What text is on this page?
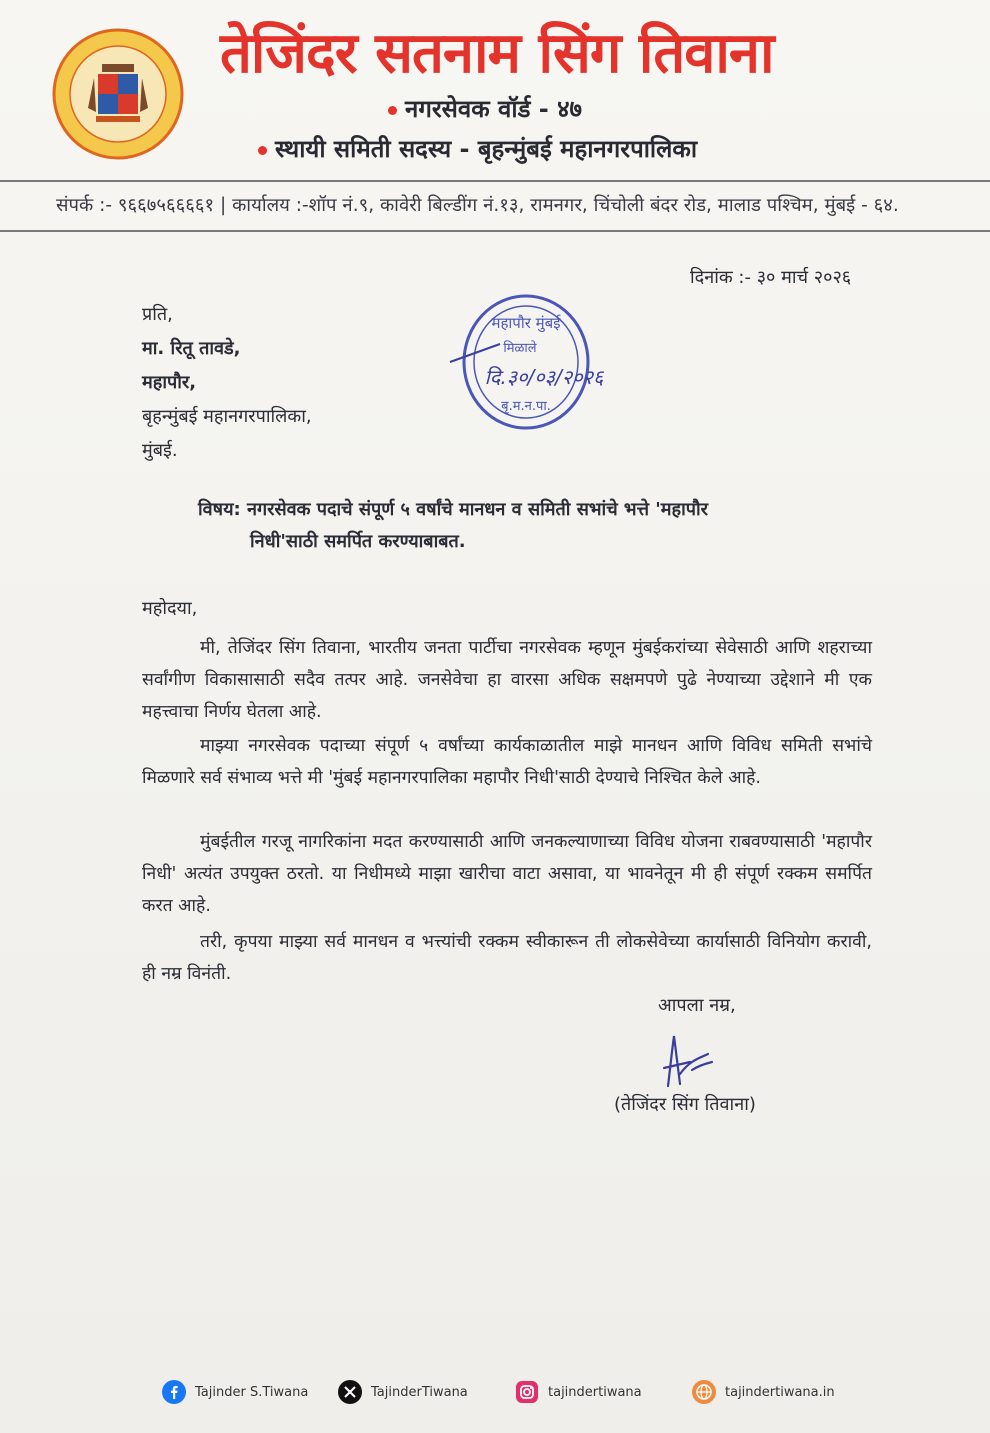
तेजिंदर सतनाम सिंग तिवाना
नगरसेवक वॉर्ड - ४७
स्थायी समिती सदस्य - बृहन्मुंबई महानगरपालिका
संपर्क :- ९६६७५६६६६१ | कार्यालय :-शॉप नं.९, कावेरी बिल्डींग नं.१३, रामनगर, चिंचोली बंदर रोड, मालाड पश्चिम, मुंबई - ६४.
दिनांक :- ३० मार्च २०२६
प्रति,
मा. रितू तावडे,
महापौर,
बृहन्मुंबई महानगरपालिका,
मुंबई.
महापौर मुंबई
मिळाले
दि.३०/०३/२०२६
बृ.म.न.पा.
विषय: नगरसेवक पदाचे संपूर्ण ५ वर्षांचे मानधन व समिती सभांचे भत्ते 'महापौर
निधी'साठी समर्पित करण्याबाबत.
महोदया,
मी, तेजिंदर सिंग तिवाना, भारतीय जनता पार्टीचा नगरसेवक म्हणून मुंबईकरांच्या सेवेसाठी आणि शहराच्या सर्वांगीण विकासासाठी सदैव तत्पर आहे. जनसेवेचा हा वारसा अधिक सक्षमपणे पुढे नेण्याच्या उद्देशाने मी एक महत्त्वाचा निर्णय घेतला आहे.
माझ्या नगरसेवक पदाच्या संपूर्ण ५ वर्षांच्या कार्यकाळातील माझे मानधन आणि विविध समिती सभांचे मिळणारे सर्व संभाव्य भत्ते मी 'मुंबई महानगरपालिका महापौर निधी'साठी देण्याचे निश्चित केले आहे.
मुंबईतील गरजू नागरिकांना मदत करण्यासाठी आणि जनकल्याणाच्या विविध योजना राबवण्यासाठी 'महापौर निधी' अत्यंत उपयुक्त ठरतो. या निधीमध्ये माझा खारीचा वाटा असावा, या भावनेतून मी ही संपूर्ण रक्कम समर्पित करत आहे.
तरी, कृपया माझ्या सर्व मानधन व भत्त्यांची रक्कम स्वीकारून ती लोकसेवेच्या कार्यासाठी विनियोग करावी, ही नम्र विनंती.
आपला नम्र,
(तेजिंदर सिंग तिवाना)
Tajinder S.Tiwana	TajinderTiwana	tajindertiwana	tajindertiwana.in
